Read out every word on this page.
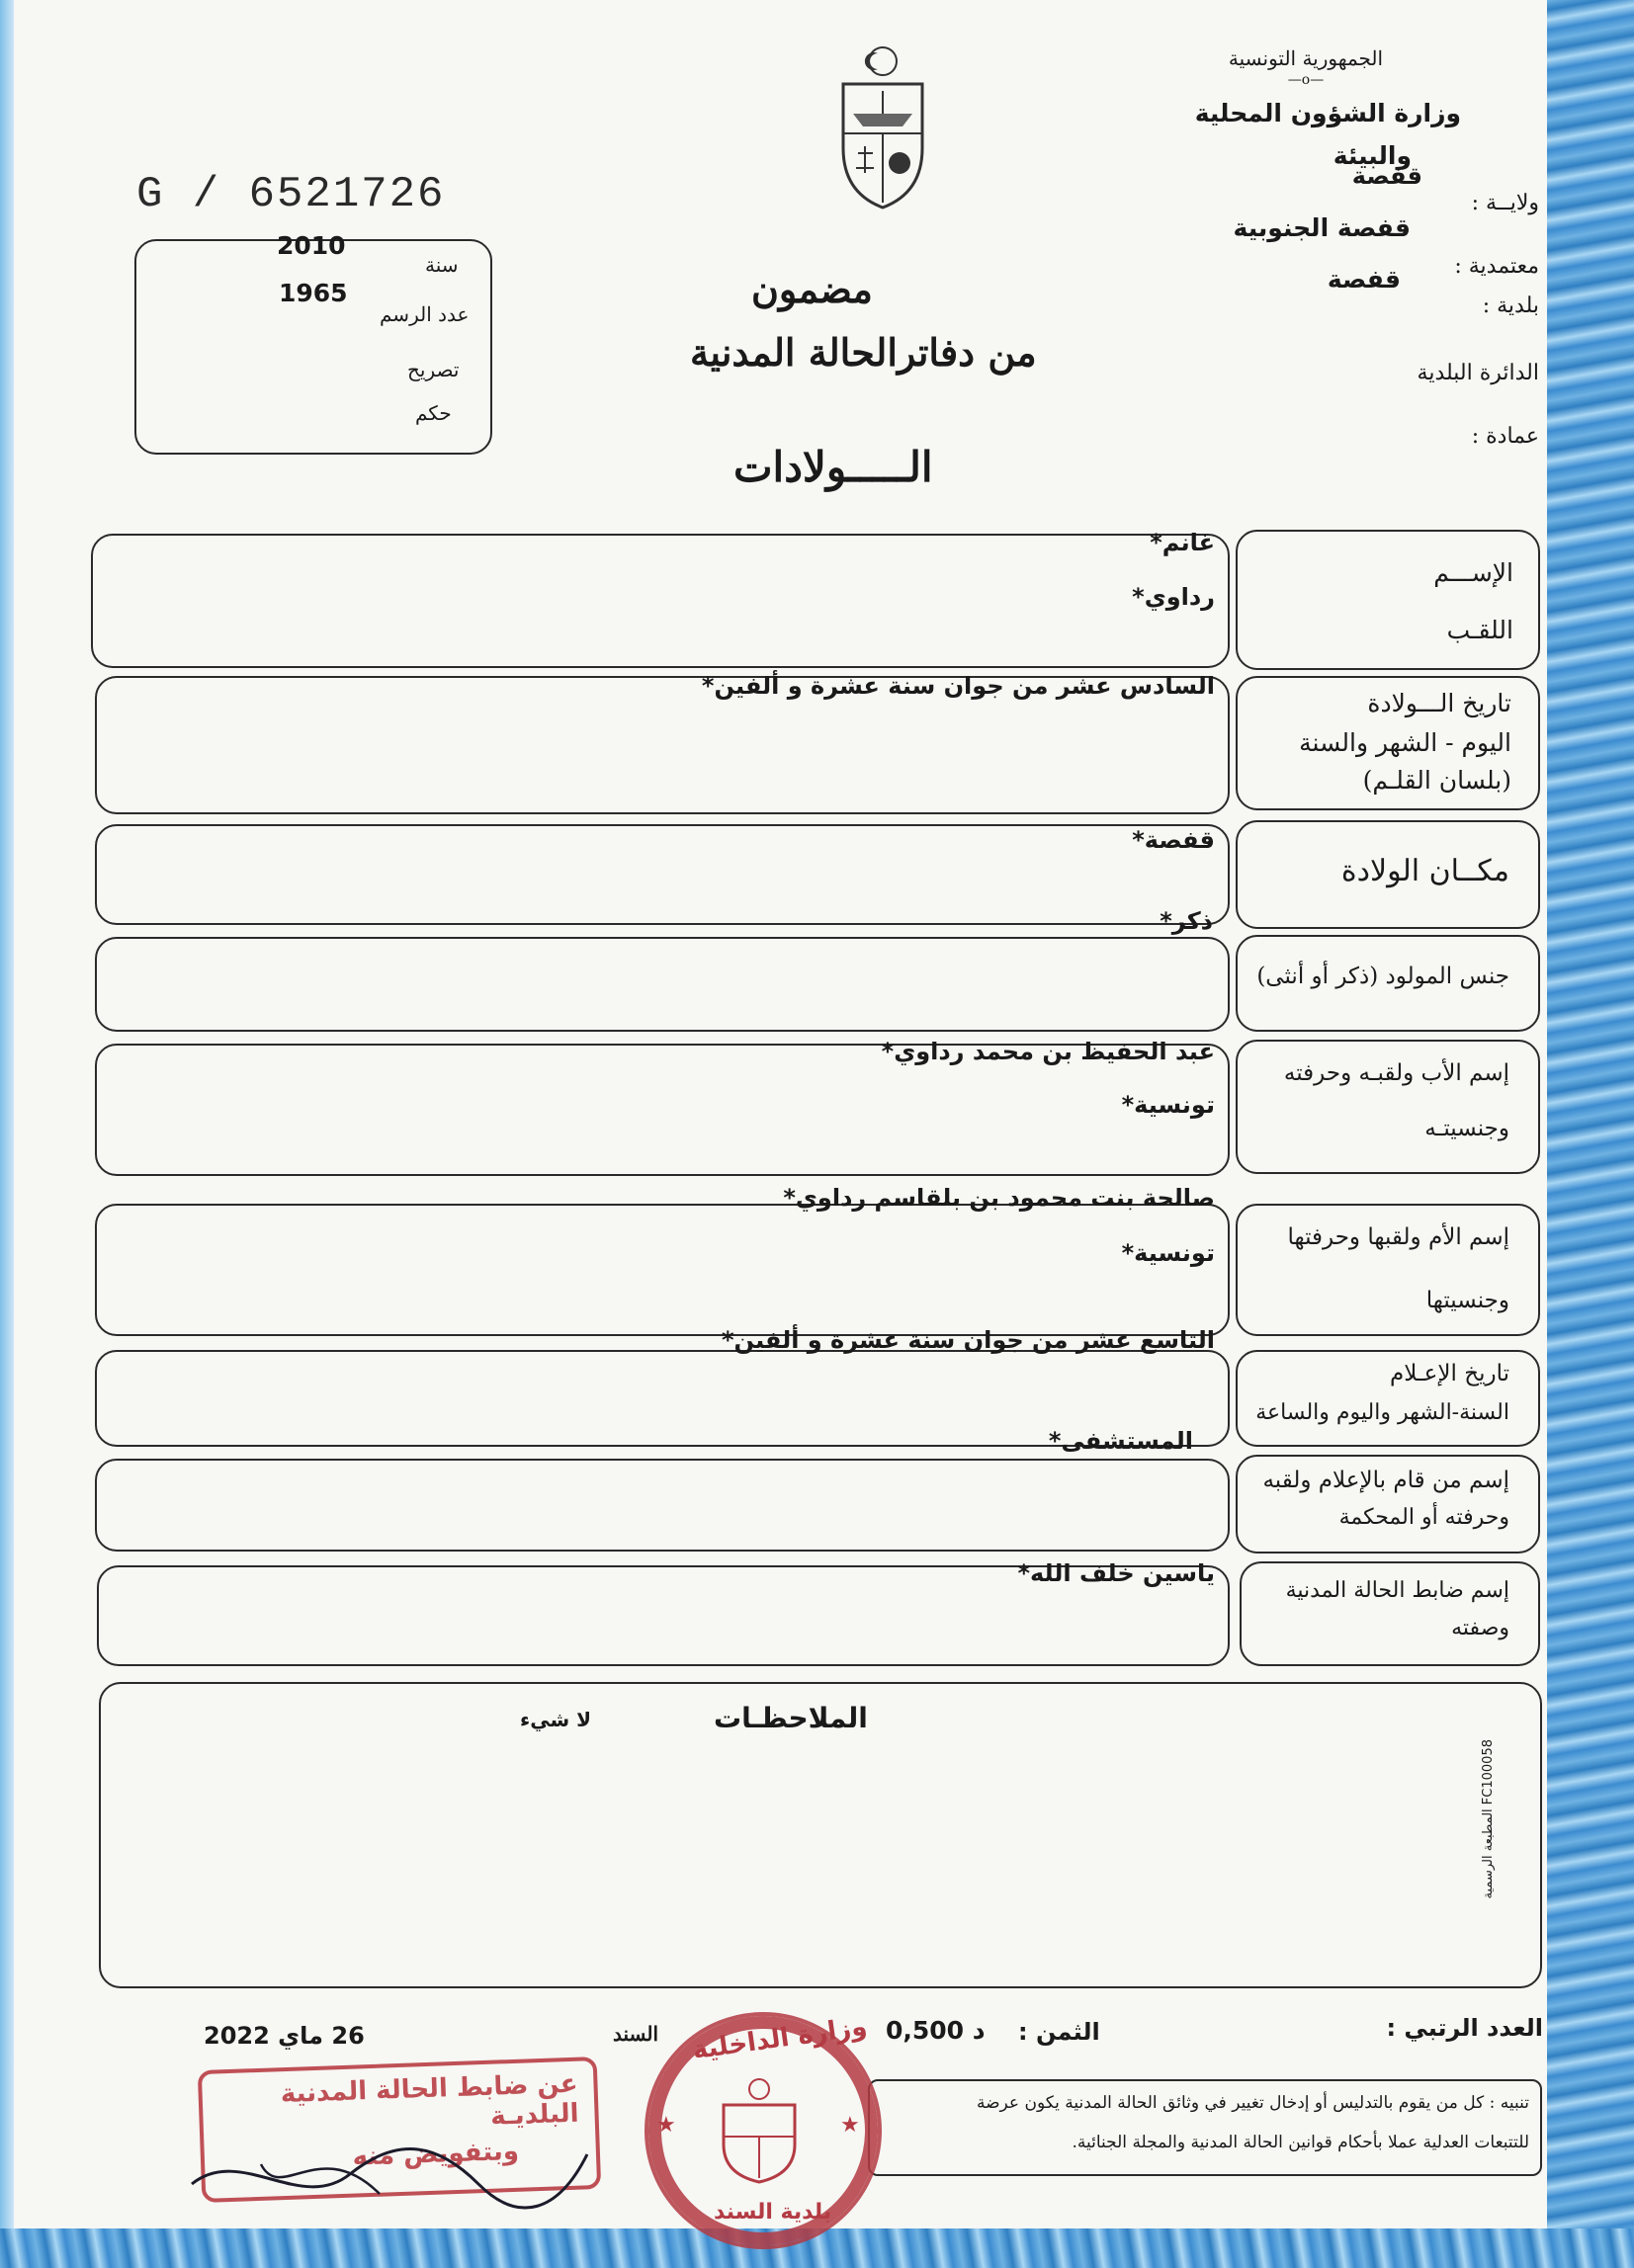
الجمهورية التونسية
—o—
وزارة الشؤون المحلية
والبيئة
قفصة
ولايــة :
قفصة الجنوبية
معتمدية :
قفصة
بلدية :
الدائرة البلدية
عمادة :
G / 6521726
2010
سنة
1965
عدد الرسم
تصريح
حكم
مضمون
من دفاترالحالة المدنية
الـــــولادات
الإســـم
اللقـب
غانم*
رداوي*
تاريخ الـــولادة
اليوم - الشهر والسنة
(بلسان القلـم)
السادس عشر من جوان سنة عشرة و ألفين*
مكــان الولادة
قفصة*
جنس المولود (ذكر أو أنثى)
ذكر*
إسم الأب ولقبـه وحرفته
وجنسيتـه
عبد الحفيظ بن محمد رداوي*
تونسية*
إسم الأم ولقبها وحرفتها
وجنسيتها
صالحة بنت محمود بن بلقاسم رداوي*
تونسية*
تاريخ الإعـلام
السنة-الشهر واليوم والساعة
التاسع عشر من جوان سنة عشرة و ألفين*
إسم من قام بالإعلام ولقبه
وحرفته أو المحكمة
المستشفى*
إسم ضابط الحالة المدنية
وصفته
ياسين خلف الله*
الملاحظـات
لا شيء
المطبعة الرسمية FC100058
العدد الرتبي :
الثمن :
0,500 د
السند
26 ماي 2022
تنبيه : كل من يقوم بالتدليس أو إدخال تغيير في وثائق الحالة المدنية يكون عرضة
للتتبعات العدلية عملا بأحكام قوانين الحالة المدنية والمجلة الجنائية.
عن ضابط الحالة المدنية البلديـة
وبتفويض منه
وزارة الداخلية
بلدية السند
★	★
